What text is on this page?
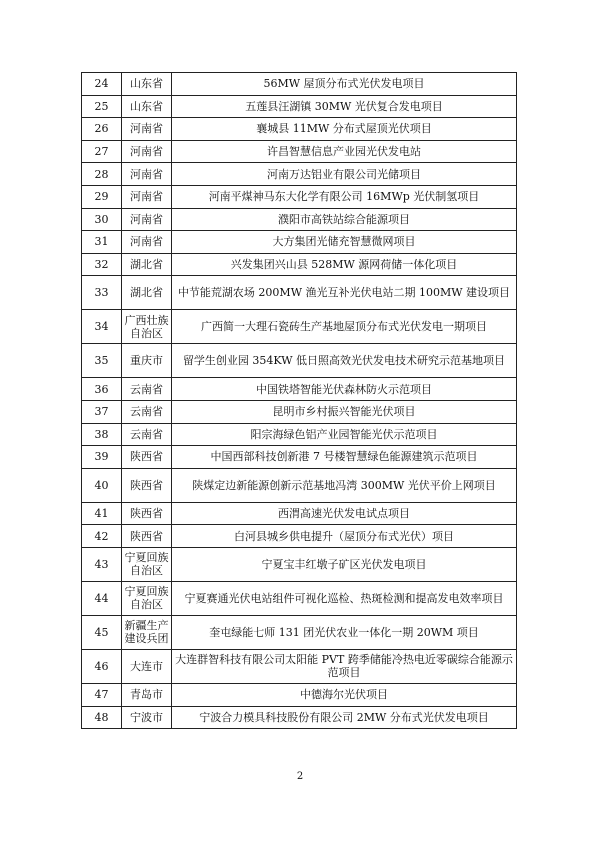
24	山东省	56MW 屋顶分布式光伏发电项目
25	山东省	五莲县汪湖镇 30MW 光伏复合发电项目
26	河南省	襄城县 11MW 分布式屋顶光伏项目
27	河南省	许昌智慧信息产业园光伏发电站
28	河南省	河南万达铝业有限公司光储项目
29	河南省	河南平煤神马东大化学有限公司 16MWp 光伏制氢项目
30	河南省	濮阳市高铁站综合能源项目
31	河南省	大方集团光储充智慧微网项目
32	湖北省	兴发集团兴山县 528MW 源网荷储一体化项目
33	湖北省	中节能荒湖农场 200MW 渔光互补光伏电站二期 100MW 建设项目
34	广西壮族自治区	广西简一大理石瓷砖生产基地屋顶分布式光伏发电一期项目
35	重庆市	留学生创业园 354KW 低日照高效光伏发电技术研究示范基地项目
36	云南省	中国铁塔智能光伏森林防火示范项目
37	云南省	昆明市乡村振兴智能光伏项目
38	云南省	阳宗海绿色铝产业园智能光伏示范项目
39	陕西省	中国西部科技创新港 7 号楼智慧绿色能源建筑示范项目
40	陕西省	陕煤定边新能源创新示范基地冯湾 300MW 光伏平价上网项目
41	陕西省	西渭高速光伏发电试点项目
42	陕西省	白河县城乡供电提升（屋顶分布式光伏）项目
43	宁夏回族自治区	宁夏宝丰红墩子矿区光伏发电项目
44	宁夏回族自治区	宁夏赛通光伏电站组件可视化巡检、热斑检测和提高发电效率项目
45	新疆生产建设兵团	奎屯绿能七师 131 团光伏农业一体化一期 20WM 项目
46	大连市	大连群智科技有限公司太阳能 PVT 跨季储能冷热电近零碳综合能源示范项目
47	青岛市	中德海尔光伏项目
48	宁波市	宁波合力模具科技股份有限公司 2MW 分布式光伏发电项目
2
